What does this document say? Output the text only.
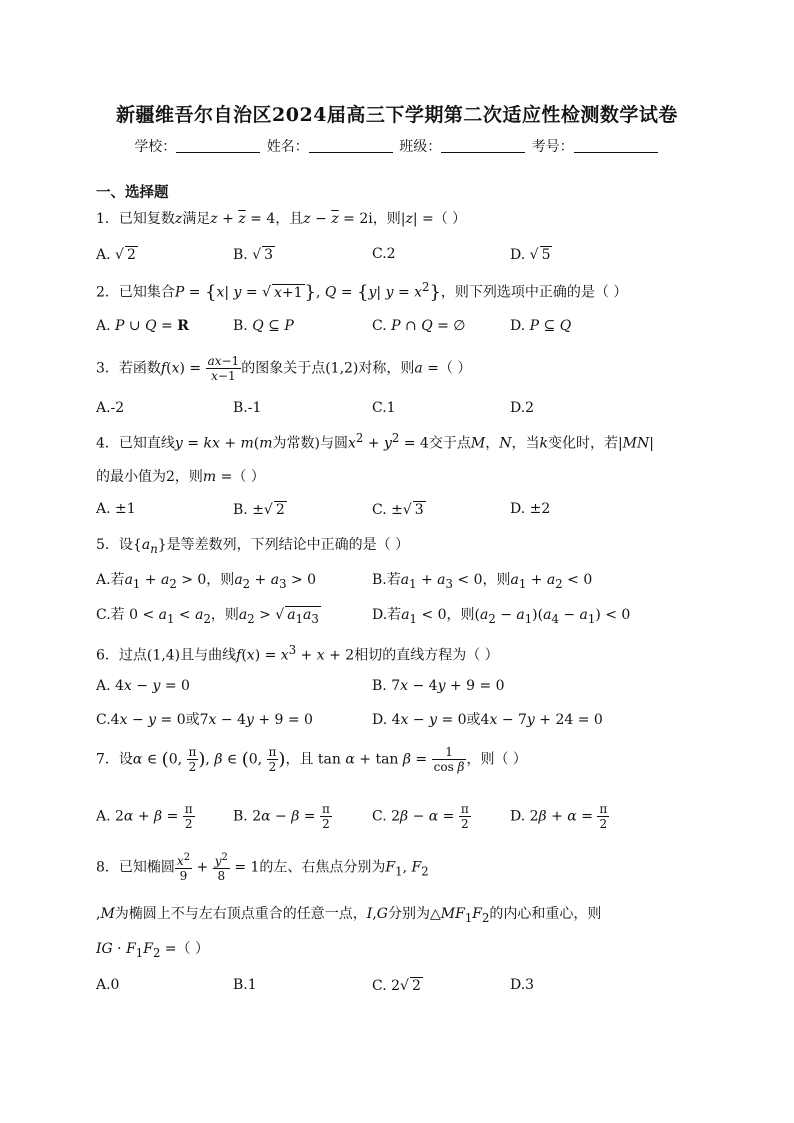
新疆维吾尔自治区2024届高三下学期第二次适应性检测数学试卷
学校：	姓名：	班级：	考号：
一、选择题
1．已知复数z满足$z + \overline{z} = 4$，且$z - \overline{z} = 2i$，则|z| =（ ）
A. √ 2	B. √ 3	C.2	D. √ 5
2．已知集合P = {x| y = √ x+1 }, Q = {y| $y = x^2$}，则下列选项中正确的是（ ）
A. P ∪ Q = R	B. Q ⊆ P	C. P ∩ Q = ∅	D. P ⊆ Q
3．若函数$f(x) = \frac{ax-1}{x-1}$ 的图象关于点(1,2)对称，则a =（ ）
A.-2	B.-1	C.1	D.2
4．已知直线y = kx + m(m为常数)与圆$x^2 + y^2 = 4$交于点M，N，当k变化时，若|MN|
的最小值为2，则m =（ ）
A. ±1	B. ±√ 2	C. ±√ 3	D. ±2
5．设$\{a_n\}$是等差数列，下列结论中正确的是（ ）
A.若$a_1 + a_2 > 0$，则$a_2 + a_3 > 0$	B.若$a_1 + a_3 < 0$，则$a_1 + a_2 < 0$
C.若 $0 < a_1 < a_2$，则$a_2$ > √ $a_1a_3$	D.若$a_1 < 0$，则$(a_2 - a_1)(a_4 - a_1) < 0$
6．过点(1,4)且与曲线$f(x) = x^3 + x + 2$相切的直线方程为（ ）
A. 4x − y = 0	B. 7x − 4y + 9 = 0
C.4x − y = 0或7x − 4y + 9 = 0	D. 4x − y = 0或4x − 7y + 24 = 0
7．设α ∈ (0, $\frac{\pi}{2}$ ), β ∈ (0, $\frac{\pi}{2}$ )，且 $\tan \alpha + \tan \beta = \frac{1}{\text{cos β}}$ ，则（ ）
A. $2\alpha + \beta = \frac{\pi}{2}$	B. $2\alpha - \beta = \frac{\pi}{2}$	C. $2\beta - \alpha = \frac{\pi}{2}$	D. $2\beta + \alpha = \frac{\pi}{2}$
8．已知椭圆 $\frac{x^2}{9} + \frac{y^2}{8} = 1$的左、右焦点分别为$F_1$, $F_2$
,M为椭圆上不与左右顶点重合的任意一点，I,G分别为$\triangle MF_1F_2$的内心和重心，则
IG · $F_1F_2$ =（ ）
A.0	B.1	C. 2√ 2	D.3
